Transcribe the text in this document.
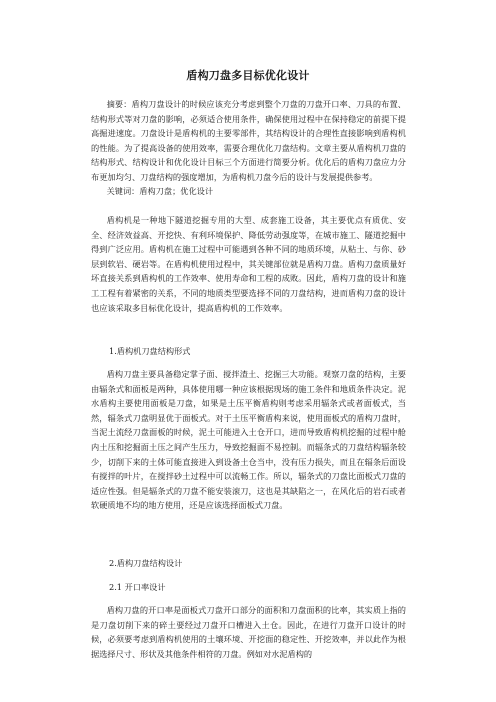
盾构刀盘多目标优化设计

摘要：盾构刀盘设计的时候应该充分考虑到整个刀盘的刀盘开口率、刀具的布置、结构形式等对刀盘的影响，必须适合使用条件，确保使用过程中在保持稳定的前提下提高掘进速度。刀盘设计是盾构机的主要零部件，其结构设计的合理性直接影响到盾构机的性能。为了提高设备的使用效率，需要合理优化刀盘结构。文章主要从盾构机刀盘的结构形式、结构设计和优化设计目标三个方面进行简要分析。优化后的盾构刀盘应力分布更加均匀、刀盘结构的强度增加，为盾构机刀盘今后的设计与发展提供参考。

关键词：盾构刀盘；优化设计

盾构机是一种地下隧道挖掘专用的大型、成套施工设备，其主要优点有质优、安全、经济效益高、开挖快、有利环境保护、降低劳动强度等，在城市施工、隧道挖掘中得到广泛应用。盾构机在施工过程中可能遇到各种不同的地质环境，从粘土、与你、砂层到软岩、硬岩等。在盾构机使用过程中，其关键部位就是盾构刀盘。盾构刀盘质量好坏直接关系到盾构机的工作效率、使用寿命和工程的成败。因此，盾构刀盘的设计和施工工程有着紧密的关系，不同的地质类型要选择不同的刀盘结构，进而盾构刀盘的设计也应该采取多目标优化设计，提高盾构机的工作效率。

1.盾构机刀盘结构形式

盾构刀盘主要具备稳定掌子面、搅拌渣土、挖掘三大功能。观察刀盘的结构，主要由辐条式和面板是两种，具体使用哪一种应该根据现场的施工条件和地质条件决定。泥水盾构主要使用面板是刀盘，如果是土压平衡盾构则考虑采用辐条式或者面板式，当然，辐条式刀盘明显优于面板式。对于土压平衡盾构来说，使用面板式的盾构刀盘时，当泥土流经刀盘面板的时候，泥土可能进入土仓开口，进而导致盾构机挖掘的过程中舱内土压和挖掘面土压之间产生压力，导致挖掘面不易控制。而辐条式的刀盘结构辐条较少，切削下来的土体可能直接进入到设备土仓当中，没有压力损失，而且在辐条后面设有搅拌的叶片，在搅拌砂土过程中可以流畅工作。所以，辐条式的刀盘比面板式刀盘的适应性强。但是辐条式的刀盘不能安装滚刀，这也是其缺陷之一，在风化后的岩石或者软硬质地不均的地方使用，还是应该选择面板式刀盘。

2.盾构刀盘结构设计

2.1 开口率设计

盾构刀盘的开口率是面板式刀盘开口部分的面积和刀盘面积的比率，其实质上指的是刀盘切削下来的碎土要经过刀盘开口槽进入土仓。因此，在进行刀盘开口设计的时候，必须要考虑到盾构机使用的土壤环境、开挖面的稳定性、开挖效率，并以此作为根据选择尺寸、形状及其他条件相符的刀盘。例如对水泥盾构的
